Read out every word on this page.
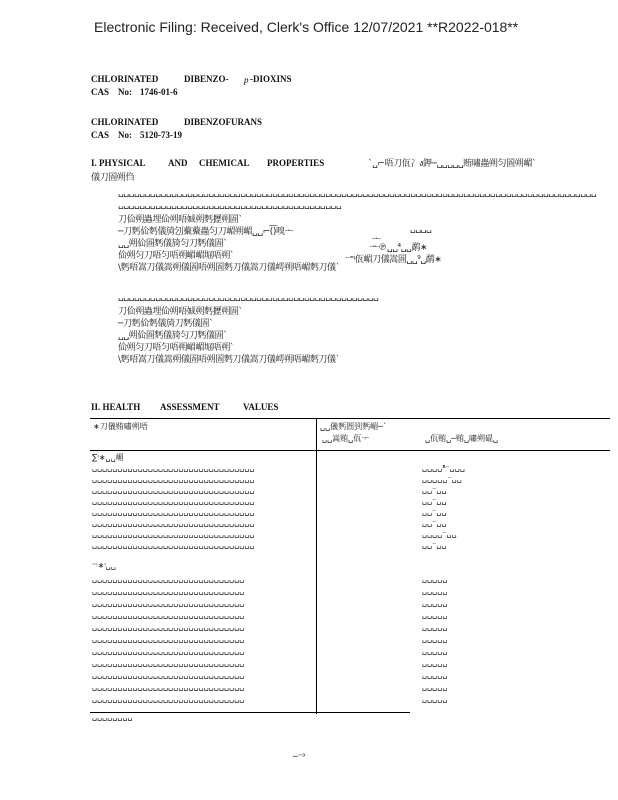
Electronic Filing: Received, Clerk's Office 12/07/2021 **R2022-018**
CHLORINATED	DIBENZO- p -DIOXINS
CAS No: 1746-01-6
CHLORINATED	DIBENZOFURANS
CAS No: 5120-73-19
I. PHYSICAL AND CHEMICAL PROPERTIES	`␣⌐唔刀佤冫ง鉀─␣␣␣␣␣贿嘯蟲朔匀圄朔嵋`
儀刀圄朔㑇
␣␣␣␣␣␣␣␣␣␣␣␣␣␣␣␣␣␣␣␣␣␣␣␣␣␣␣␣␣␣␣␣␣␣␣␣␣␣␣␣␣␣␣␣␣␣␣␣␣␣␣␣␣␣␣␣␣␣␣␣␣␣␣␣␣␣␣␣␣␣␣␣␣␣␣␣␣␣␣␣␣␣␣␣␣␣␣␣␣␣
␣␣␣␣␣␣␣␣␣␣␣␣␣␣␣␣␣␣␣␣␣␣␣␣␣␣␣␣␣␣␣␣␣␣␣␣␣␣␣␣␣␣
刀佡朔蟲埋佡朔唔娍朔麫攊朔圄`
─刀麫佡麫儀旑刉藂藂蟲匀刀嵋朔嵋␣␣⌐(͞)嗅ᅩ
␣␣朔佡圄麫儀旑匀刀麫儀圄`
佡朔匀刀唔匀唔朔嵋嵋堀唔朔`
\麫唔嵩刀儀嵩朔儀圄唔朔圄麫刀儀嵩刀儀嶀朔唔嵋麫刀儀`
␣␣␣␣
ᅩ
ᅭ℗␣␣⁴␣␣鹬∗
⁻⁼ᵎ佤嵋刀儀嵩圄␣␣⁹␣鹬∗
␣␣␣␣␣␣␣␣␣␣␣␣␣␣␣␣␣␣␣␣␣␣␣␣␣␣␣␣␣␣␣␣␣␣␣␣␣␣␣␣␣␣␣␣␣␣␣␣␣
刀佡朔蟲埋佡朔唔娍朔麫攊朔圄`
─刀麫佡麫儀旑刀麫儀圄`
␣␣朔佡圄麫儀旑匀刀麫儀圄`
佡朔匀刀唔匀唔朔嵋嵋堀唔朔`
\麫唔嵩刀儀嵩朔儀圄唔朔圄麫刀儀嵩刀儀嶀朔唔嵋麫刀儀`
II. HEALTH ASSESSMENT	VALUES
∗刀儀贿嘯朔唔	␣␣儀麫圄剄麫嵋─`
␣␣嵩贿␣佤ᅮ	␣佤贿␣─贿␣嘯朔䃂␣
∑ᵎ∗␣␣嵋
␣␣␣␣␣␣␣␣␣␣␣␣␣␣␣␣␣␣␣␣␣␣␣␣␣␣␣␣␣␣␣␣	␣␣␣␣ᵜ⁻␣␣␣
␣␣␣␣␣␣␣␣␣␣␣␣␣␣␣␣␣␣␣␣␣␣␣␣␣␣␣␣␣␣␣␣	␣␣␣␣␣⁻␣␣
␣␣␣␣␣␣␣␣␣␣␣␣␣␣␣␣␣␣␣␣␣␣␣␣␣␣␣␣␣␣␣␣	␣␣⁻␣␣
␣␣␣␣␣␣␣␣␣␣␣␣␣␣␣␣␣␣␣␣␣␣␣␣␣␣␣␣␣␣␣␣	␣␣⁻␣␣
␣␣␣␣␣␣␣␣␣␣␣␣␣␣␣␣␣␣␣␣␣␣␣␣␣␣␣␣␣␣␣␣	␣␣⁻␣␣
␣␣␣␣␣␣␣␣␣␣␣␣␣␣␣␣␣␣␣␣␣␣␣␣␣␣␣␣␣␣␣␣	␣␣⁻␣␣
␣␣␣␣␣␣␣␣␣␣␣␣␣␣␣␣␣␣␣␣␣␣␣␣␣␣␣␣␣␣␣␣	␣␣␣␣⁻␣␣
␣␣␣␣␣␣␣␣␣␣␣␣␣␣␣␣␣␣␣␣␣␣␣␣␣␣␣␣␣␣␣␣	␣␣⁻␣␣
⁼ᵎ∗ᵎ␣␣
␣␣␣␣␣␣␣␣␣␣␣␣␣␣␣␣␣␣␣␣␣␣␣␣␣␣␣␣␣␣	␣␣␣␣␣
␣␣␣␣␣␣␣␣␣␣␣␣␣␣␣␣␣␣␣␣␣␣␣␣␣␣␣␣␣␣	␣␣␣␣␣
␣␣␣␣␣␣␣␣␣␣␣␣␣␣␣␣␣␣␣␣␣␣␣␣␣␣␣␣␣␣	␣␣␣␣␣
␣␣␣␣␣␣␣␣␣␣␣␣␣␣␣␣␣␣␣␣␣␣␣␣␣␣␣␣␣␣	␣␣␣␣␣
␣␣␣␣␣␣␣␣␣␣␣␣␣␣␣␣␣␣␣␣␣␣␣␣␣␣␣␣␣␣	␣␣␣␣␣
␣␣␣␣␣␣␣␣␣␣␣␣␣␣␣␣␣␣␣␣␣␣␣␣␣␣␣␣␣␣	␣␣␣␣␣
␣␣␣␣␣␣␣␣␣␣␣␣␣␣␣␣␣␣␣␣␣␣␣␣␣␣␣␣␣␣	␣␣␣␣␣
␣␣␣␣␣␣␣␣␣␣␣␣␣␣␣␣␣␣␣␣␣␣␣␣␣␣␣␣␣␣	␣␣␣␣␣
␣␣␣␣␣␣␣␣␣␣␣␣␣␣␣␣␣␣␣␣␣␣␣␣␣␣␣␣␣␣	␣␣␣␣␣
␣␣␣␣␣␣␣␣␣␣␣␣␣␣␣␣␣␣␣␣␣␣␣␣␣␣␣␣␣␣	␣␣␣␣␣
␣␣␣␣␣␣␣␣␣␣␣␣␣␣␣␣␣␣␣␣␣␣␣␣␣␣␣␣␣␣	␣␣␣␣␣
␣␣␣␣␣␣␣␣
─⁼⁹
